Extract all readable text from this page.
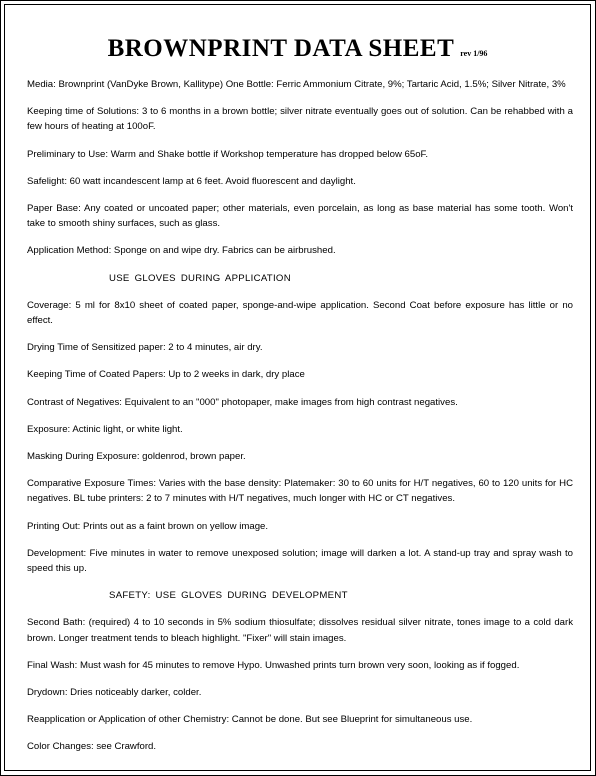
BROWNPRINT DATA SHEET rev 1/96

Media: Brownprint (VanDyke Brown, Kallitype) One Bottle: Ferric Ammonium Citrate, 9%; Tartaric Acid, 1.5%; Silver Nitrate, 3%

Keeping time of Solutions: 3 to 6 months in a brown bottle; silver nitrate eventually goes out of solution. Can be rehabbed with a few hours of heating at 100oF.

Preliminary to Use: Warm and Shake bottle if Workshop temperature has dropped below 65oF.

Safelight: 60 watt incandescent lamp at 6 feet. Avoid fluorescent and daylight.

Paper Base: Any coated or uncoated paper; other materials, even porcelain, as long as base material has some tooth. Won't take to smooth shiny surfaces, such as glass.

Application Method: Sponge on and wipe dry. Fabrics can be airbrushed.

USE GLOVES DURING APPLICATION

Coverage: 5 ml for 8x10 sheet of coated paper, sponge-and-wipe application. Second Coat before exposure has little or no effect.

Drying Time of Sensitized paper: 2 to 4 minutes, air dry.

Keeping Time of Coated Papers: Up to 2 weeks in dark, dry place

Contrast of Negatives: Equivalent to an "000" photopaper, make images from high contrast negatives.

Exposure: Actinic light, or white light.

Masking During Exposure: goldenrod, brown paper.

Comparative Exposure Times: Varies with the base density: Platemaker: 30 to 60 units for H/T negatives, 60 to 120 units for HC negatives. BL tube printers: 2 to 7 minutes with H/T negatives, much longer with HC or CT negatives.

Printing Out: Prints out as a faint brown on yellow image.

Development: Five minutes in water to remove unexposed solution; image will darken a lot. A stand-up tray and spray wash to speed this up.

SAFETY: USE GLOVES DURING DEVELOPMENT

Second Bath: (required) 4 to 10 seconds in 5% sodium thiosulfate; dissolves residual silver nitrate, tones image to a cold dark brown. Longer treatment tends to bleach highlight. "Fixer" will stain images.

Final Wash: Must wash for 45 minutes to remove Hypo. Unwashed prints turn brown very soon, looking as if fogged.

Drydown: Dries noticeably darker, colder.

Reapplication or Application of other Chemistry: Cannot be done. But see Blueprint for simultaneous use.

Color Changes: see Crawford.
